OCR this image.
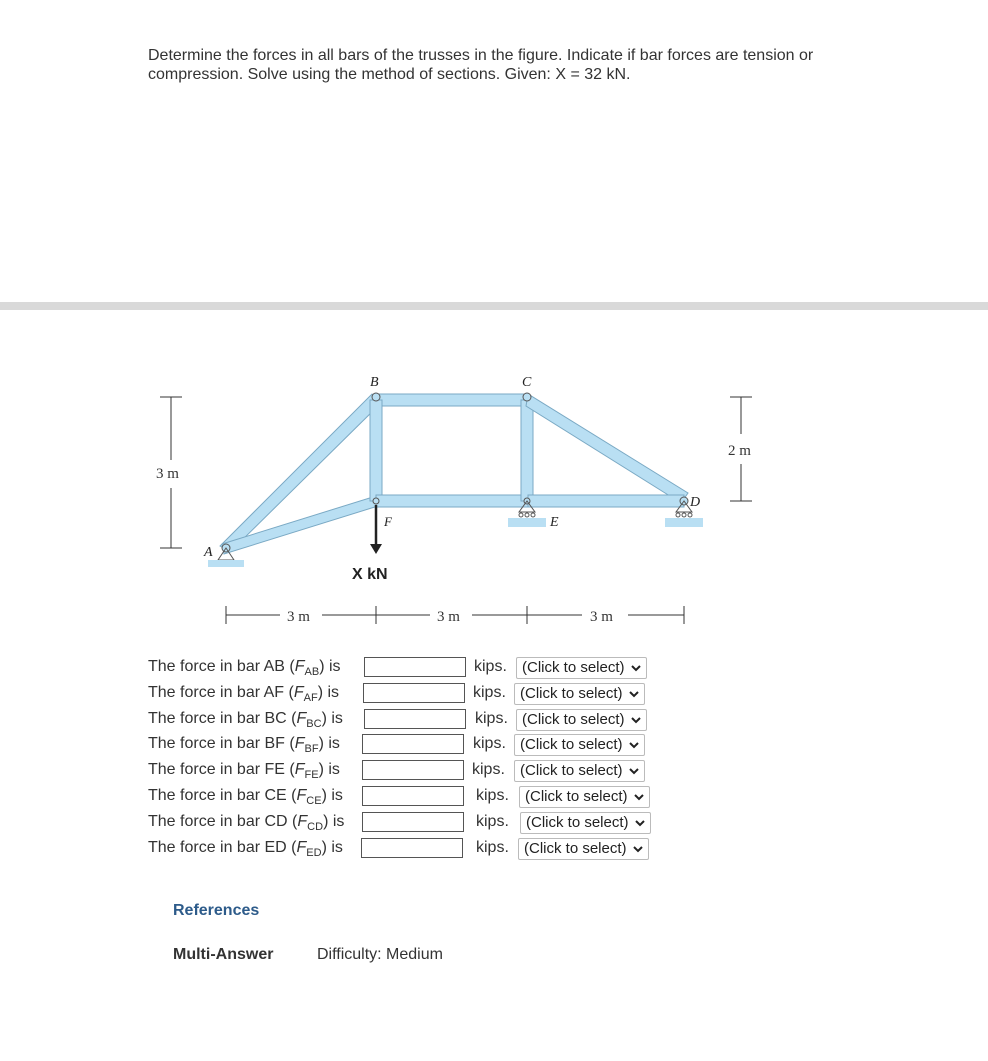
Determine the forces in all bars of the trusses in the figure. Indicate if bar forces are tension or
compression. Solve using the method of sections. Given: X = 32 kN.
B	C
A
F	E
D
X kN
3 m
2 m
3 m	3 m	3 m
The force in bar AB $(F_{AB})$ is	kips.	(Click to select)
The force in bar AF $(F_{AF})$ is	kips. (Click to select)
The force in bar BC $(F_{BC})$ is	kips. (Click to select)
The force in bar BF $(F_{BF})$ is	kips. (Click to select)
The force in bar FE $(F_{FE})$ is	kips.	(Click to select)
The force in bar CE $(F_{CE})$ is	kips.	(Click to select)
The force in bar CD $(F_{CD})$ is	kips.	(Click to select)
The force in bar ED $(F_{ED})$ is	kips.	(Click to select)
References
Multi-Answer	Difficulty: Medium
